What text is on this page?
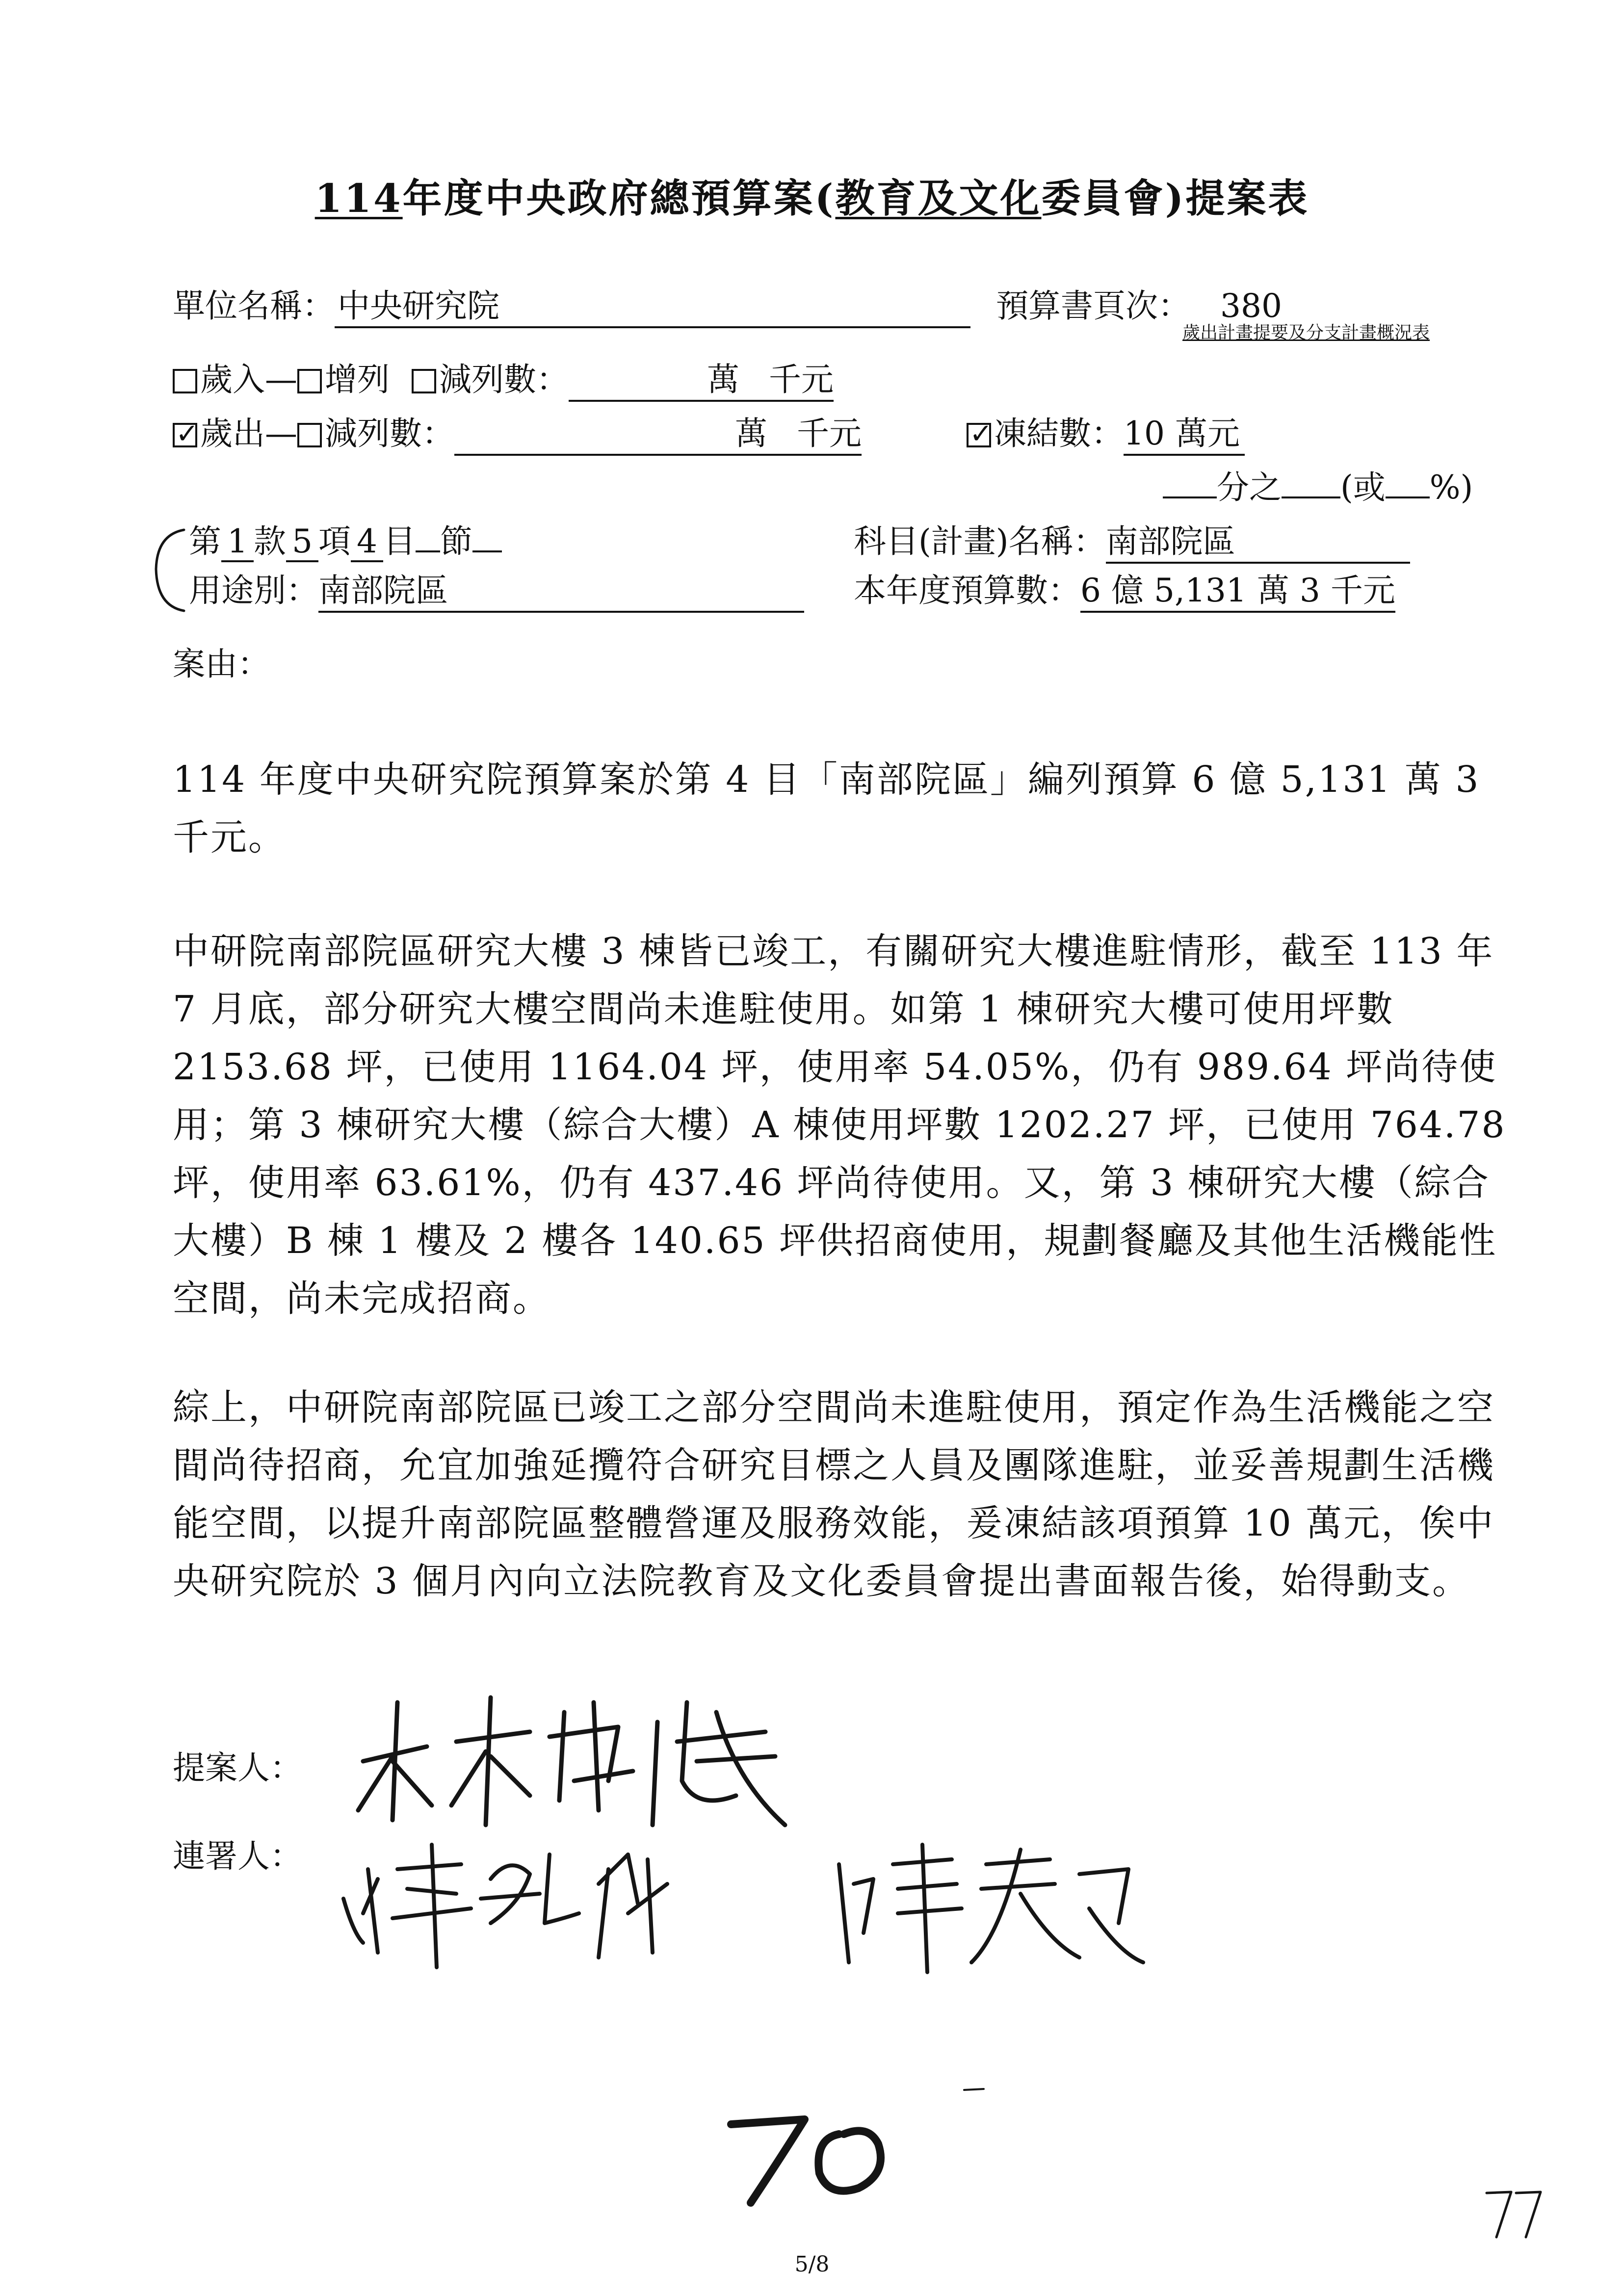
114年度中央政府總預算案(教育及文化委員會)提案表
單位名稱：中央研究院	預算書頁次： 380
歲出計畫提要及分支計畫概況表
歲入— 增列 減列數：	萬 千元
✓歲出— 減列數：	萬 千元
✓	凍結數：10 萬元
分之 (或 %)
第 1 款 5 項 4 目 節	科目(計畫)名稱：南部院區
用途別：南部院區	本年度預算數：6 億 5,131 萬 3 千元
案由：
114 年度中央研究院預算案於第 4 目「南部院區」編列預算 6 億 5,131 萬 3 千元。
中研院南部院區研究大樓 3 棟皆已竣工，有關研究大樓進駐情形，截至 113 年 7 月底，部分研究大樓空間尚未進駐使用。如第 1 棟研究大樓可使用坪數 2153.68 坪，已使用 1164.04 坪，使用率 54.05%，仍有 989.64 坪尚待使用；第 3 棟研究大樓（綜合大樓）A 棟使用坪數 1202.27 坪，已使用 764.78 坪，使用率 63.61%，仍有 437.46 坪尚待使用。又，第 3 棟研究大樓（綜合大樓）B 棟 1 樓及 2 樓各 140.65 坪供招商使用，規劃餐廳及其他生活機能性空間，尚未完成招商。
綜上，中研院南部院區已竣工之部分空間尚未進駐使用，預定作為生活機能之空間尚待招商，允宜加強延攬符合研究目標之人員及團隊進駐，並妥善規劃生活機能空間，以提升南部院區整體營運及服務效能，爰凍結該項預算 10 萬元，俟中央研究院於 3 個月內向立法院教育及文化委員會提出書面報告後，始得動支。
提案人：
連署人：
5/8
